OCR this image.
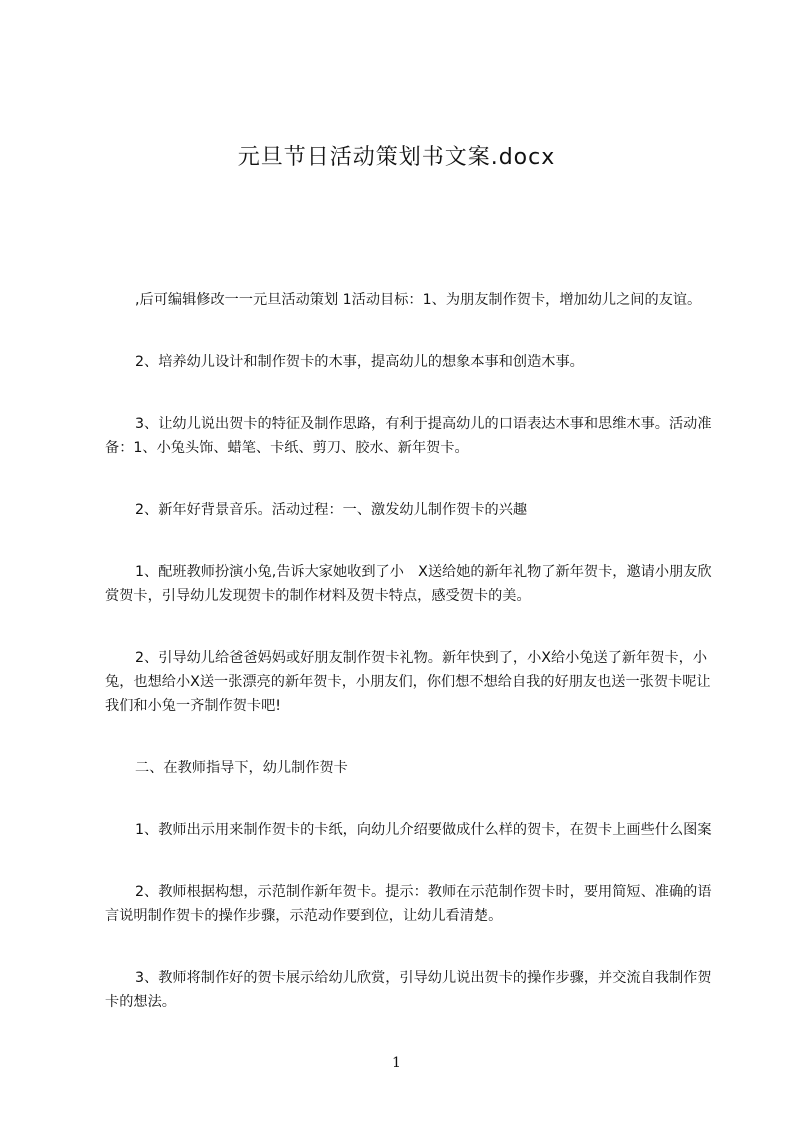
元旦节日活动策划书文案.docx

,后可编辑修改一一元旦活动策划 1活动目标：1、为朋友制作贺卡，增加幼儿之间的友谊。

2、培养幼儿设计和制作贺卡的木事，提高幼儿的想象本事和创造木事。

3、让幼儿说出贺卡的特征及制作思路，有利于提高幼儿的口语表达木事和思维木事。活动准备：1、小兔头饰、蜡笔、卡纸、剪刀、胶水、新年贺卡。

2、新年好背景音乐。活动过程：一、激发幼儿制作贺卡的兴趣

1、配班教师扮演小兔,告诉大家她收到了小　X送给她的新年礼物了新年贺卡，邀请小朋友欣赏贺卡，引导幼儿发现贺卡的制作材料及贺卡特点，感受贺卡的美。

2、引导幼儿给爸爸妈妈或好朋友制作贺卡礼物。新年快到了，小X给小兔送了新年贺卡，小兔，也想给小X送一张漂亮的新年贺卡，小朋友们，你们想不想给自我的好朋友也送一张贺卡呢让我们和小兔一齐制作贺卡吧!

二、在教师指导下，幼儿制作贺卡

1、教师出示用来制作贺卡的卡纸，向幼儿介绍要做成什么样的贺卡，在贺卡上画些什么图案

2、教师根据构想，示范制作新年贺卡。提示：教师在示范制作贺卡时，要用简短、准确的语言说明制作贺卡的操作步骤，示范动作要到位，让幼儿看清楚。

3、教师将制作好的贺卡展示给幼儿欣赏，引导幼儿说出贺卡的操作步骤，并交流自我制作贺卡的想法。

1
